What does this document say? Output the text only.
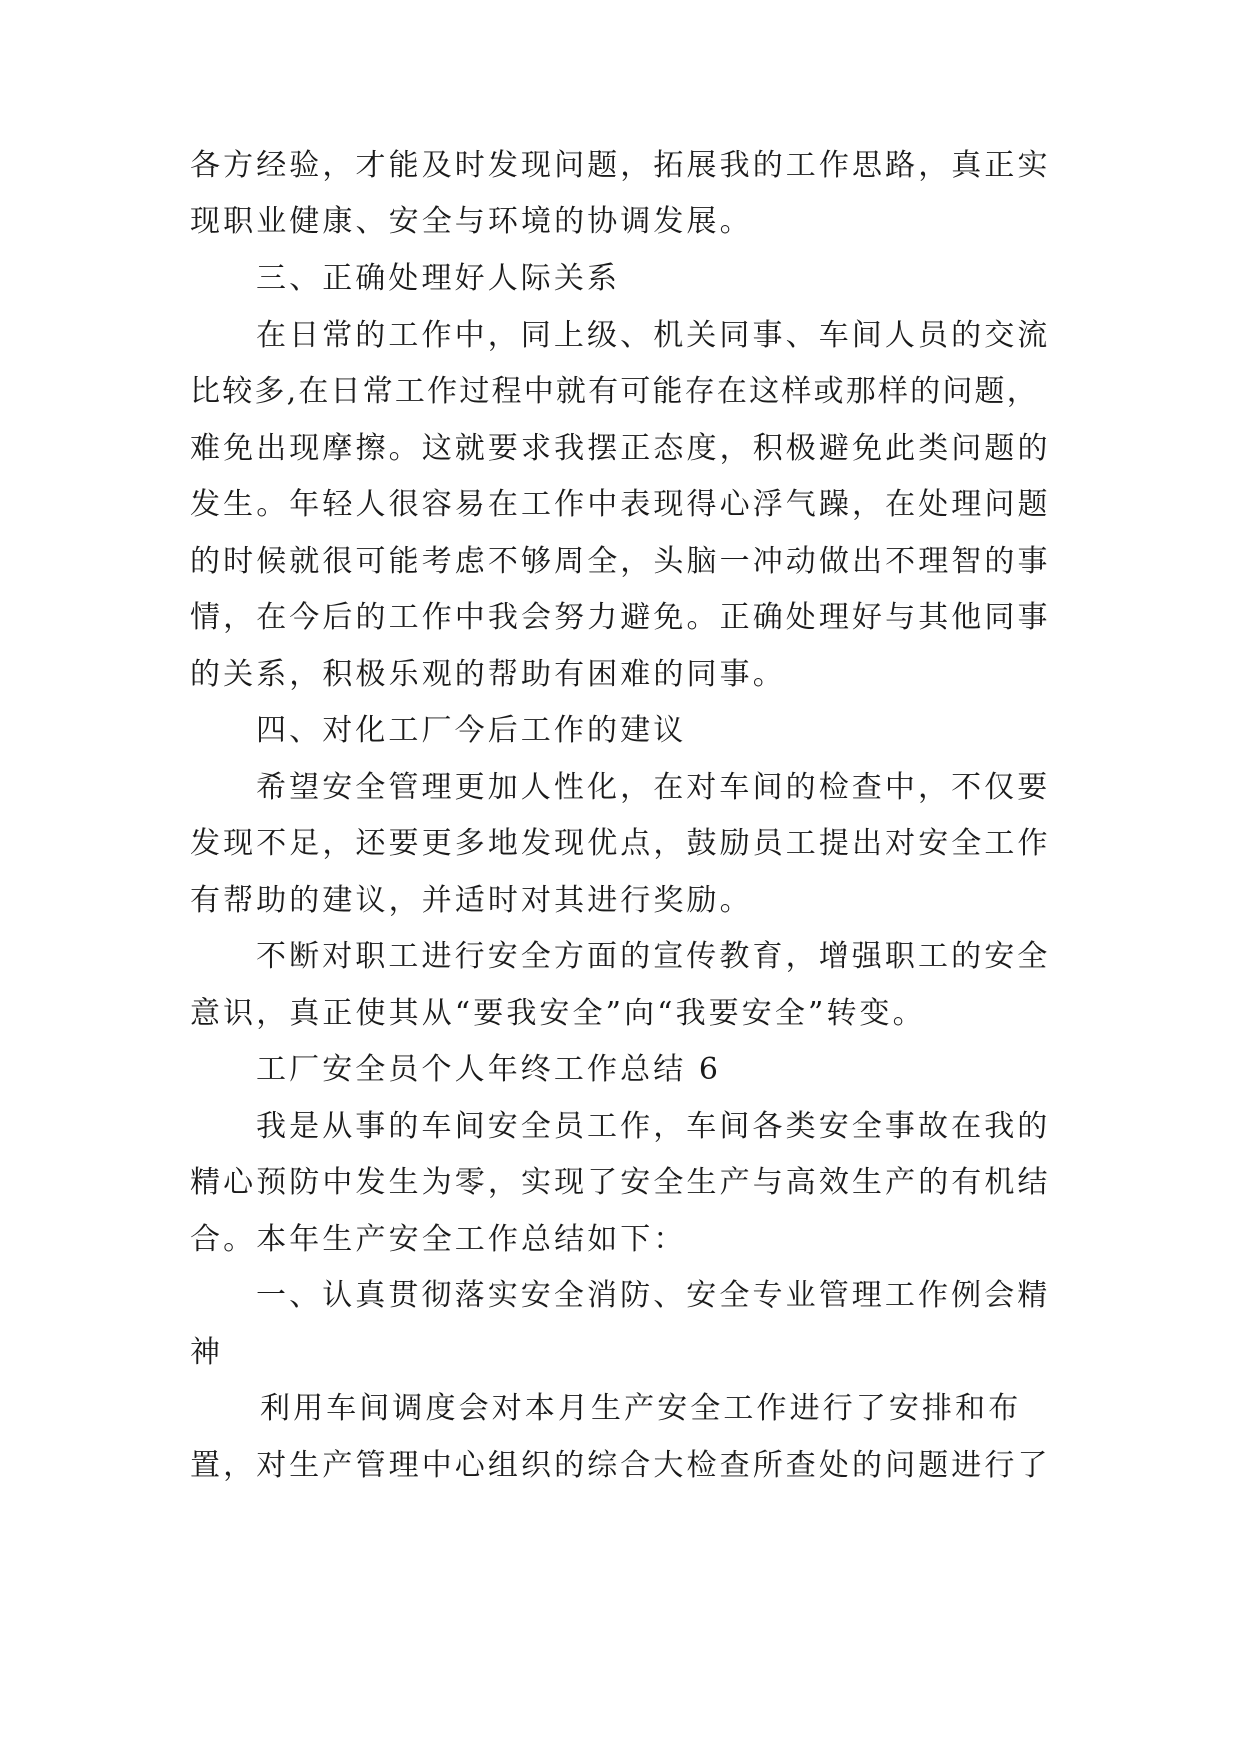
各方经验，才能及时发现问题，拓展我的工作思路，真正实

现职业健康、安全与环境的协调发展。

三、正确处理好人际关系

在日常的工作中，同上级、机关同事、车间人员的交流

比较多,在日常工作过程中就有可能存在这样或那样的问题，

难免出现摩擦。这就要求我摆正态度，积极避免此类问题的

发生。年轻人很容易在工作中表现得心浮气躁，在处理问题

的时候就很可能考虑不够周全，头脑一冲动做出不理智的事

情，在今后的工作中我会努力避免。正确处理好与其他同事

的关系，积极乐观的帮助有困难的同事。

四、对化工厂今后工作的建议

希望安全管理更加人性化，在对车间的检查中，不仅要

发现不足，还要更多地发现优点，鼓励员工提出对安全工作

有帮助的建议，并适时对其进行奖励。

不断对职工进行安全方面的宣传教育，增强职工的安全

意识，真正使其从“要我安全”向“我要安全”转变。

工厂安全员个人年终工作总结 6

我是从事的车间安全员工作，车间各类安全事故在我的

精心预防中发生为零，实现了安全生产与高效生产的有机结

合。本年生产安全工作总结如下：

一、认真贯彻落实安全消防、安全专业管理工作例会精

神

利用车间调度会对本月生产安全工作进行了安排和布

置，对生产管理中心组织的综合大检查所查处的问题进行了
